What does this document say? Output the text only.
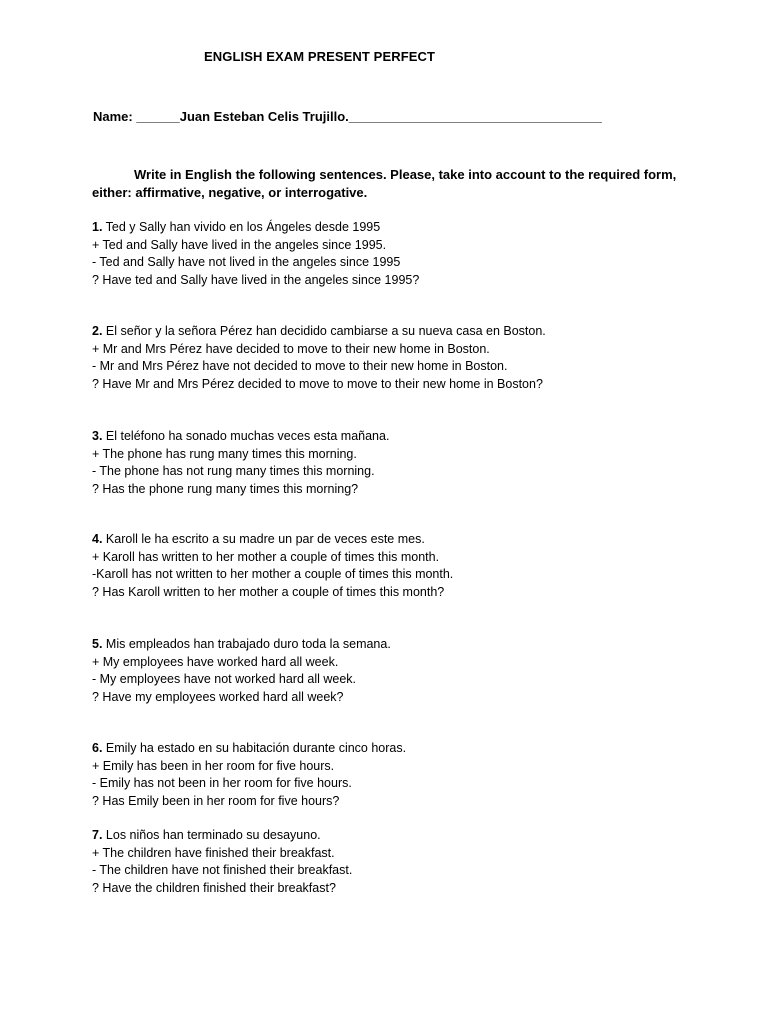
ENGLISH EXAM PRESENT PERFECT
Name: ______Juan Esteban Celis Trujillo.___________________________________
Write in English the following sentences. Please, take into account to the required form, either: affirmative, negative, or interrogative.
1. Ted y Sally han vivido en los Ángeles desde 1995
+ Ted and Sally have lived in the angeles since 1995.
- Ted and Sally have not lived in the angeles since 1995
? Have ted and Sally have lived in the angeles since 1995?
2. El señor y la señora Pérez han decidido cambiarse a su nueva casa en Boston.
+ Mr and Mrs Pérez have decided to move to their new home in Boston.
- Mr and Mrs Pérez have not decided to move to their new home in Boston.
? Have Mr and Mrs Pérez decided to move to move to their new home in Boston?
3. El teléfono ha sonado muchas veces esta mañana.
+ The phone has rung many times this morning.
- The phone has not rung many times this morning.
? Has the phone rung many times this morning?
4. Karoll le ha escrito a su madre un par de veces este mes.
+ Karoll has written to her mother a couple of times this month.
-Karoll has not written to her mother a couple of times this month.
? Has Karoll written to her mother a couple of times this month?
5. Mis empleados han trabajado duro toda la semana.
+ My employees have worked hard all week.
- My employees have not worked hard all week.
? Have my employees worked hard all week?
6. Emily ha estado en su habitación durante cinco horas.
+ Emily has been in her room for five hours.
- Emily has not been in her room for five hours.
? Has Emily been in her room for five hours?
7. Los niños han terminado su desayuno.
+ The children have finished their breakfast.
- The children have not finished their breakfast.
? Have the children finished their breakfast?
